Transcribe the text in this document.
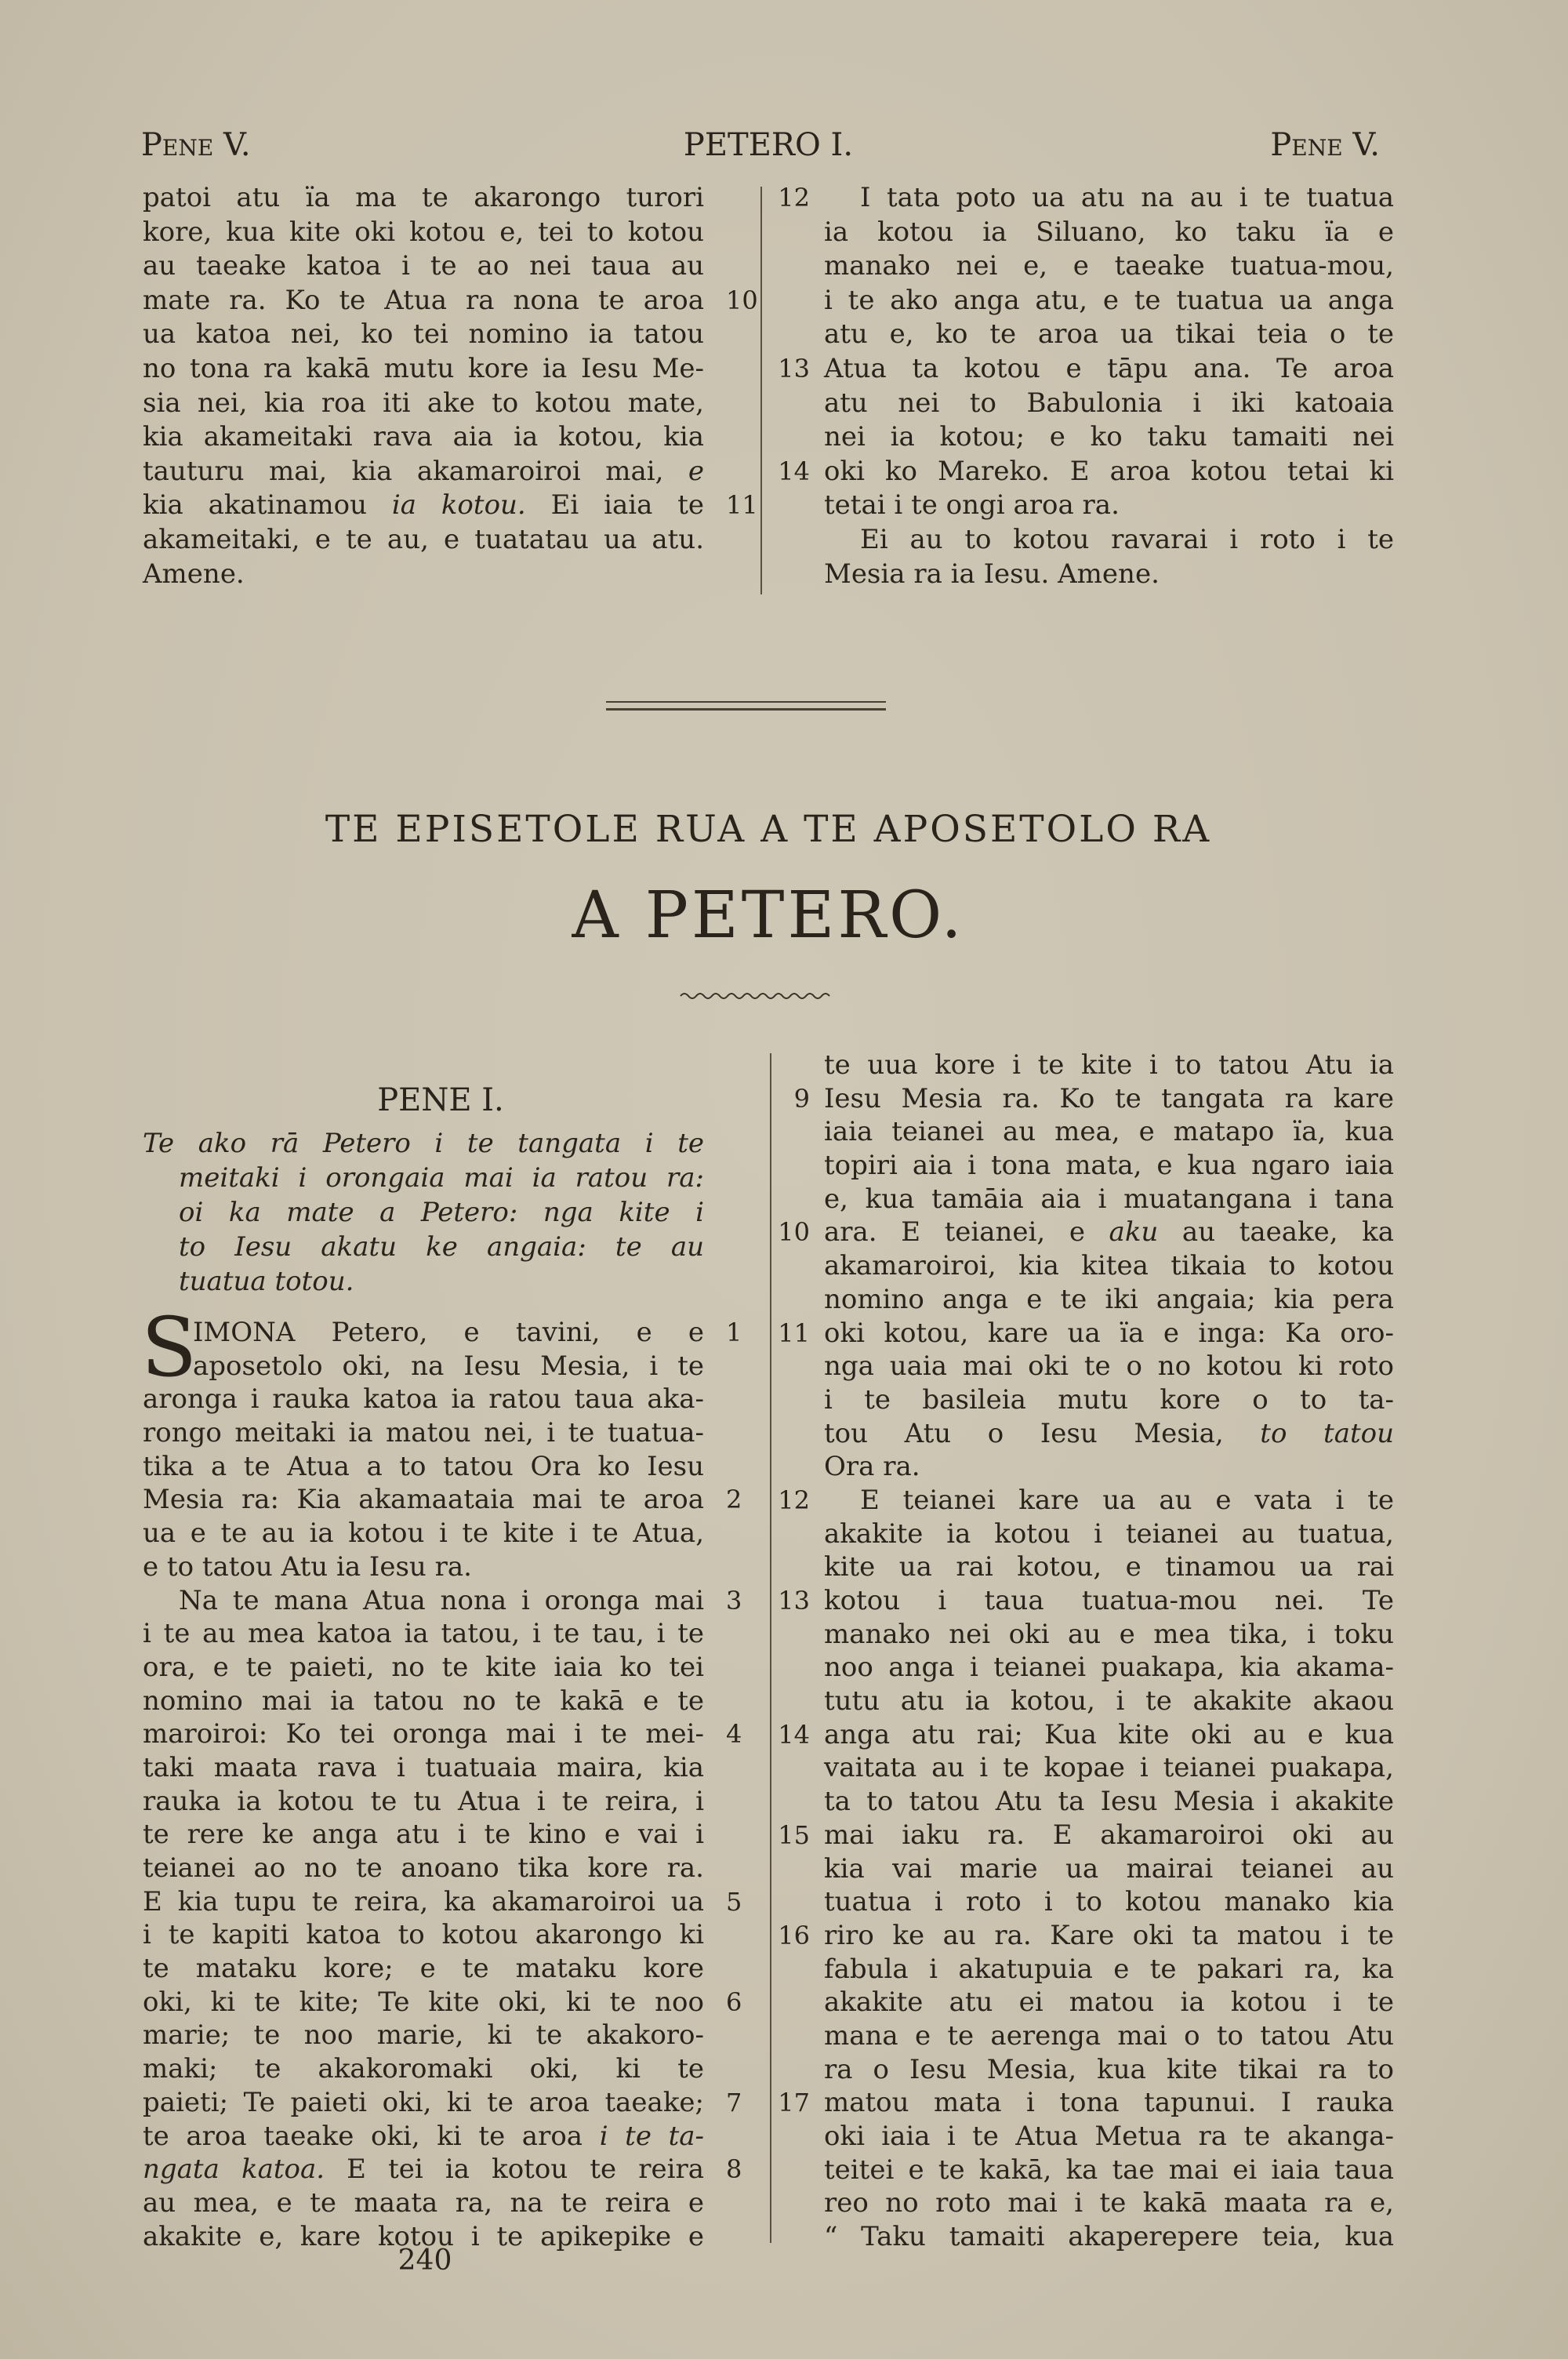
Pene V.	PETERO I.	Pene V.
patoi atu ïa ma te akarongo turori
kore, kua kite oki kotou e, tei to kotou
au taeake katoa i te ao nei taua au
mate ra. Ko te Atua ra nona te aroa 10
ua katoa nei, ko tei nomino ia tatou
no tona ra kakā mutu kore ia Iesu Me-
sia nei, kia roa iti ake to kotou mate,
kia akameitaki rava aia ia kotou, kia
tauturu mai, kia akamaroiroi mai, e
kia akatinamou ia kotou. Ei iaia te 11
akameitaki, e te au, e tuatatau ua atu.
Amene.
I tata poto ua atu na au i te tuatua
12
ia kotou ia Siluano, ko taku ïa e
manako nei e, e taeake tuatua-mou,
i te ako anga atu, e te tuatua ua anga
atu e, ko te aroa ua tikai teia o te
Atua ta kotou e tāpu ana. Te aroa
13
atu nei to Babulonia i iki katoaia
nei ia kotou; e ko taku tamaiti nei
oki ko Mareko. E aroa kotou tetai ki
14
tetai i te ongi aroa ra.
Ei au to kotou ravarai i roto i te
Mesia ra ia Iesu. Amene.
TE EPISETOLE RUA A TE APOSETOLO RA
A PETERO.
PENE I.
Te ako rā Petero i te tangata i te
meitaki i orongaia mai ia ratou ra:
oi ka mate a Petero: nga kite i
to Iesu akatu ke angaia: te au
tuatua totou.
S
IMONA Petero, e tavini, e e 1
aposetolo oki, na Iesu Mesia, i te
aronga i rauka katoa ia ratou taua aka-
rongo meitaki ia matou nei, i te tuatua-
tika a te Atua a to tatou Ora ko Iesu
Mesia ra: Kia akamaataia mai te aroa 2
ua e te au ia kotou i te kite i te Atua,
e to tatou Atu ia Iesu ra.
Na te mana Atua nona i oronga mai 3
i te au mea katoa ia tatou, i te tau, i te
ora, e te paieti, no te kite iaia ko tei
nomino mai ia tatou no te kakā e te
maroiroi: Ko tei oronga mai i te mei- 4
taki maata rava i tuatuaia maira, kia
rauka ia kotou te tu Atua i te reira, i
te rere ke anga atu i te kino e vai i
teianei ao no te anoano tika kore ra.
E kia tupu te reira, ka akamaroiroi ua 5
i te kapiti katoa to kotou akarongo ki
te mataku kore; e te mataku kore
oki, ki te kite; Te kite oki, ki te noo 6
marie; te noo marie, ki te akakoro-
maki; te akakoromaki oki, ki te
paieti; Te paieti oki, ki te aroa taeake; 7
te aroa taeake oki, ki te aroa i te ta-
ngata katoa. E tei ia kotou te reira 8
au mea, e te maata ra, na te reira e
akakite e, kare kotou i te apikepike e
te uua kore i te kite i to tatou Atu ia
Iesu Mesia ra. Ko te tangata ra kare
9
iaia teianei au mea, e matapo ïa, kua
topiri aia i tona mata, e kua ngaro iaia
e, kua tamāia aia i muatangana i tana
ara. E teianei, e aku au taeake, ka
10
akamaroiroi, kia kitea tikaia to kotou
nomino anga e te iki angaia; kia pera
oki kotou, kare ua ïa e inga: Ka oro-
11
nga uaia mai oki te o no kotou ki roto
i te basileia mutu kore o to ta-
tou Atu o Iesu Mesia, to tatou
Ora ra.
E teianei kare ua au e vata i te
12
akakite ia kotou i teianei au tuatua,
kite ua rai kotou, e tinamou ua rai
kotou i taua tuatua-mou nei. Te
13
manako nei oki au e mea tika, i toku
noo anga i teianei puakapa, kia akama-
tutu atu ia kotou, i te akakite akaou
anga atu rai; Kua kite oki au e kua
14
vaitata au i te kopae i teianei puakapa,
ta to tatou Atu ta Iesu Mesia i akakite
mai iaku ra. E akamaroiroi oki au
15
kia vai marie ua mairai teianei au
tuatua i roto i to kotou manako kia
riro ke au ra. Kare oki ta matou i te
16
fabula i akatupuia e te pakari ra, ka
akakite atu ei matou ia kotou i te
mana e te aerenga mai o to tatou Atu
ra o Iesu Mesia, kua kite tikai ra to
matou mata i tona tapunui. I rauka
17
oki iaia i te Atua Metua ra te akanga-
teitei e te kakā, ka tae mai ei iaia taua
reo no roto mai i te kakā maata ra e,
“ Taku tamaiti akaperepere teia, kua
240
